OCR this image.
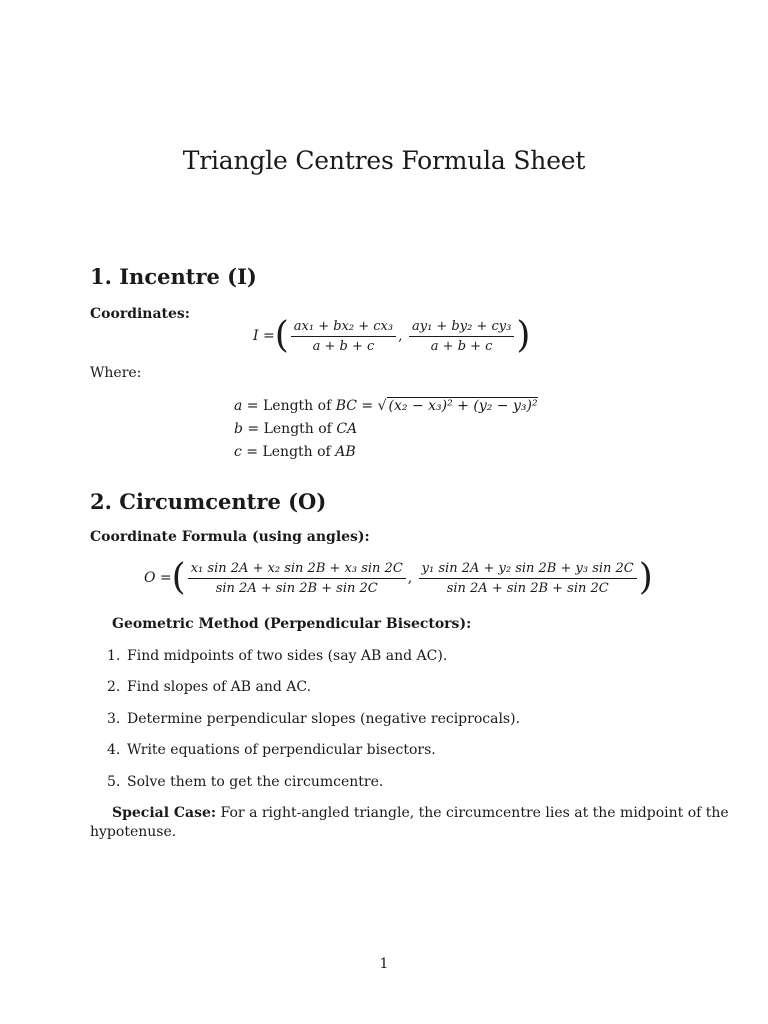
Triangle Centres Formula Sheet
1. Incentre (I)
Coordinates:
I = ( $\frac{\text{ax₁ + bx₂ + cx₃}}{a + b + c}$ , $\frac{\text{ay₁ + by₂ + cy₃}}{a + b + c}$ )
Where:
a = Length of BC = √ (x₂ − x₃)² + (y₂ − y₃)²
b = Length of CA
c = Length of AB
2. Circumcentre (O)
Coordinate Formula (using angles):
O = ( $\frac{\text{x₁ sin 2A + x₂ sin 2B + x₃ sin 2C}}{\sin 2A + \sin 2B + \sin 2C}$ , $\frac{\text{y₁ sin 2A + y₂ sin 2B + y₃ sin 2C}}{\sin 2A + \sin 2B + \sin 2C}$ )
Geometric Method (Perpendicular Bisectors):
1. Find midpoints of two sides (say AB and AC).
2. Find slopes of AB and AC.
3. Determine perpendicular slopes (negative reciprocals).
4. Write equations of perpendicular bisectors.
5. Solve them to get the circumcentre.
Special Case: For a right-angled triangle, the circumcentre lies at the midpoint of the
hypotenuse.
1
